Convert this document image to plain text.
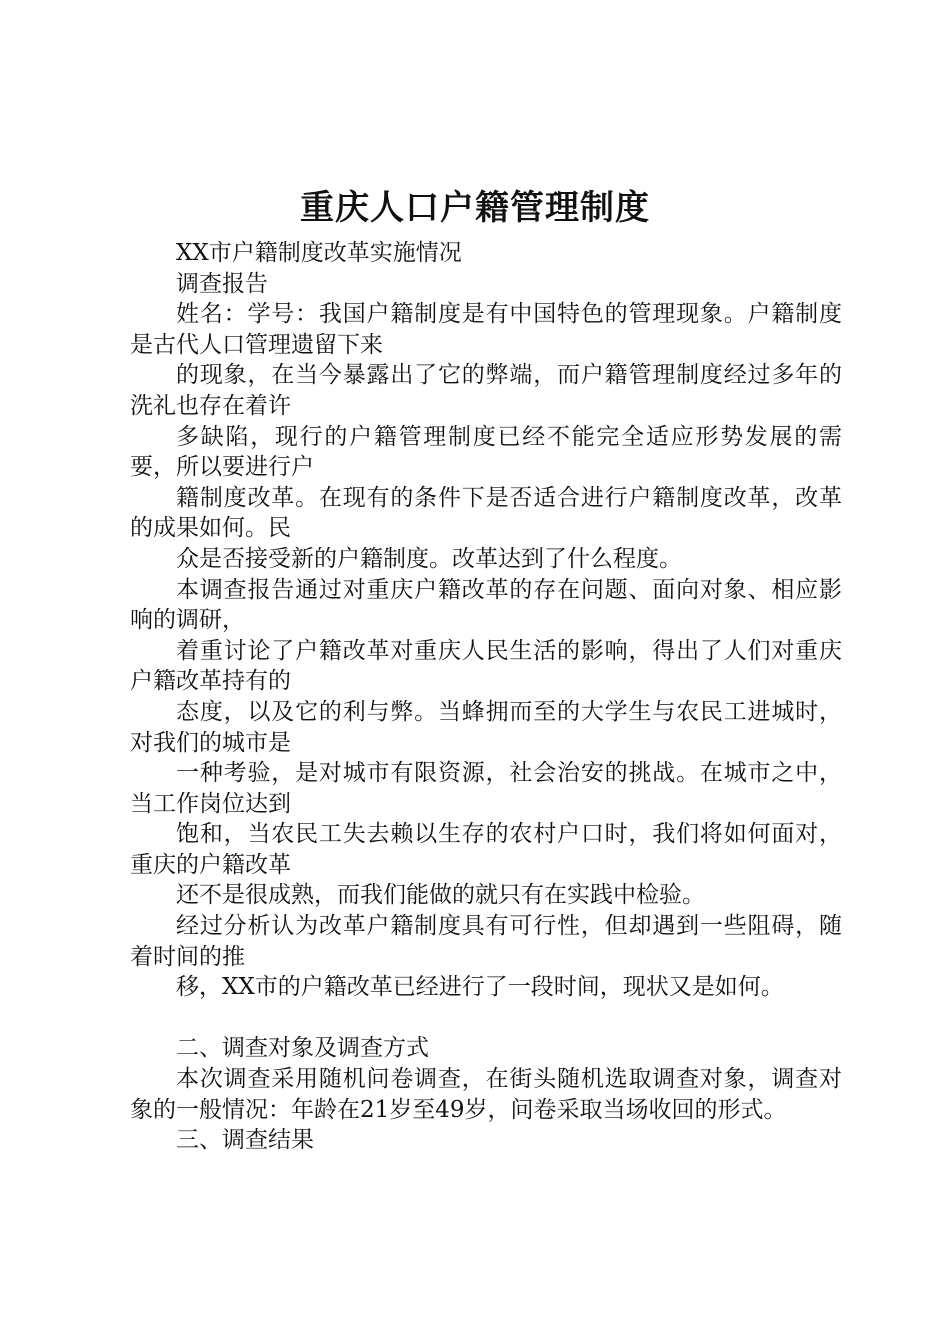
重庆人口户籍管理制度

XX市户籍制度改革实施情况

调查报告

姓名：学号：我国户籍制度是有中国特色的管理现象。户籍制度是古代人口管理遗留下来

的现象，在当今暴露出了它的弊端，而户籍管理制度经过多年的洗礼也存在着许

多缺陷，现行的户籍管理制度已经不能完全适应形势发展的需要，所以要进行户

籍制度改革。在现有的条件下是否适合进行户籍制度改革，改革的成果如何。民

众是否接受新的户籍制度。改革达到了什么程度。

本调查报告通过对重庆户籍改革的存在问题、面向对象、相应影响的调研，

着重讨论了户籍改革对重庆人民生活的影响，得出了人们对重庆户籍改革持有的

态度，以及它的利与弊。当蜂拥而至的大学生与农民工进城时，对我们的城市是

一种考验，是对城市有限资源，社会治安的挑战。在城市之中，当工作岗位达到

饱和，当农民工失去赖以生存的农村户口时，我们将如何面对，重庆的户籍改革

还不是很成熟，而我们能做的就只有在实践中检验。

经过分析认为改革户籍制度具有可行性，但却遇到一些阻碍，随着时间的推

移，XX市的户籍改革已经进行了一段时间，现状又是如何。

二、调查对象及调查方式

本次调查采用随机问卷调查，在街头随机选取调查对象，调查对象的一般情况：年龄在21岁至49岁，问卷采取当场收回的形式。

三、调查结果
